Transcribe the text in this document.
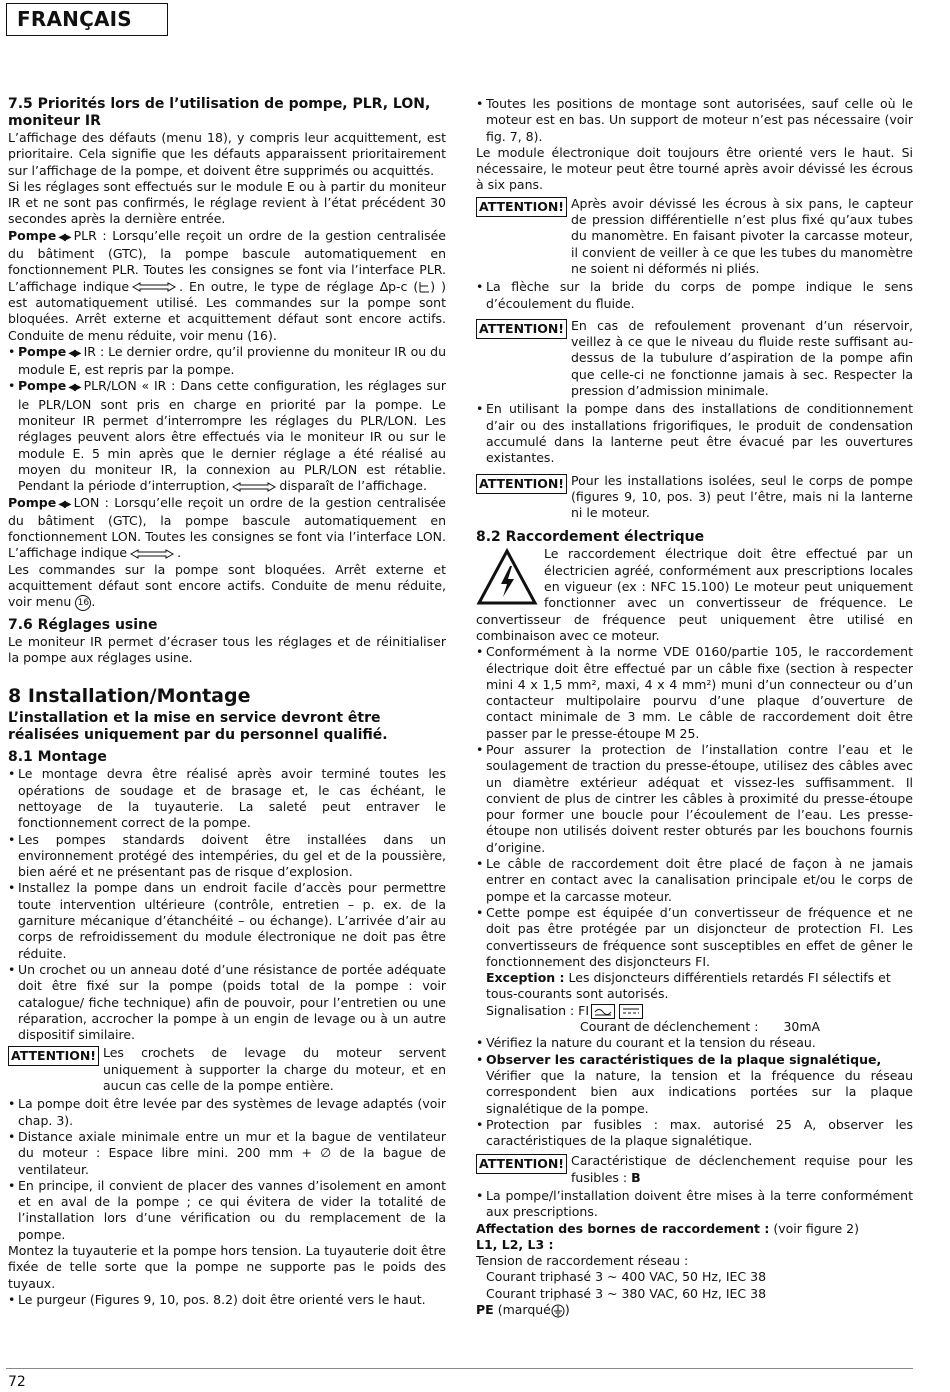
FRANÇAIS
7.5 Priorités lors de l’utilisation de pompe, PLR, LON, moniteur IR

L’affichage des défauts (menu 18), y compris leur acquittement, est prioritaire. Cela signifie que les défauts apparaissent prioritairement sur l’affichage de la pompe, et doivent être supprimés ou acquittés.

Si les réglages sont effectués sur le module E ou à partir du moniteur IR et ne sont pas confirmés, le réglage revient à l’état précédent 30 secondes après la dernière entrée.

Pompe ◀▶ PLR : Lorsqu’elle reçoit un ordre de la gestion centralisée du bâtiment (GTC), la pompe bascule automatiquement en fonctionnement PLR. Toutes les consignes se font via l’interface PLR. L’affichage indique	. En outre, le type de réglage ∆p-c ( ) ) est automatiquement utilisé. Les commandes sur la pompe sont bloquées. Arrêt externe et acquittement défaut sont encore actifs. Conduite de menu réduite, voir menu (16).

• Pompe ◀▶ IR : Le dernier ordre, qu’il provienne du moniteur IR ou du module E, est repris par la pompe.
• Pompe ◀▶ PLR/LON « IR : Dans cette configuration, les réglages sur le PLR/LON sont pris en charge en priorité par la pompe. Le moniteur IR permet d’interrompre les réglages du PLR/LON. Les réglages peuvent alors être effectués via le moniteur IR ou sur le module E. 5 min après que le dernier réglage a été réalisé au moyen du moniteur IR, la connexion au PLR/LON est rétablie. Pendant la période d’interruption,	disparaît de l’affichage.

Pompe ◀▶ LON : Lorsqu’elle reçoit un ordre de la gestion centralisée du bâtiment (GTC), la pompe bascule automatiquement en fonctionnement LON. Toutes les consignes se font via l’interface LON. L’affichage indique	.

Les commandes sur la pompe sont bloquées. Arrêt externe et acquittement défaut sont encore actifs. Conduite de menu réduite, voir menu 16 .

7.6 Réglages usine

Le moniteur IR permet d’écraser tous les réglages et de réinitialiser la pompe aux réglages usine.

8 Installation/Montage
L’installation et la mise en service devront être réalisées uniquement par du personnel qualifié.
8.1 Montage
• Le montage devra être réalisé après avoir terminé toutes les opérations de soudage et de brasage et, le cas échéant, le nettoyage de la tuyauterie. La saleté peut entraver le fonctionnement correct de la pompe.
• Les pompes standards doivent être installées dans un environnement protégé des intempéries, du gel et de la poussière, bien aéré et ne présentant pas de risque d’explosion.
• Installez la pompe dans un endroit facile d’accès pour permettre toute intervention ultérieure (contrôle, entretien – p. ex. de la garniture mécanique d’étanchéité – ou échange). L’arrivée d’air au corps de refroidissement du module électronique ne doit pas être réduite.
• Un crochet ou un anneau doté d’une résistance de portée adéquate doit être fixé sur la pompe (poids total de la pompe : voir catalogue/ fiche technique) afin de pouvoir, pour l’entretien ou une réparation, accrocher la pompe à un engin de levage ou à un autre dispositif similaire.
ATTENTION! Les crochets de levage du moteur servent uniquement à supporter la charge du moteur, et en aucun cas celle de la pompe entière.
• La pompe doit être levée par des systèmes de levage adaptés (voir chap. 3).
• Distance axiale minimale entre un mur et la bague de ventilateur du moteur : Espace libre mini. 200 mm + ∅ de la bague de ventilateur.
• En principe, il convient de placer des vannes d’isolement en amont et en aval de la pompe ; ce qui évitera de vider la totalité de l’installation lors d’une vérification ou du remplacement de la pompe.

Montez la tuyauterie et la pompe hors tension. La tuyauterie doit être fixée de telle sorte que la pompe ne supporte pas le poids des tuyaux.

• Le purgeur (Figures 9, 10, pos. 8.2) doit être orienté vers le haut.
• Toutes les positions de montage sont autorisées, sauf celle où le moteur est en bas. Un support de moteur n’est pas nécessaire (voir fig. 7, 8).

Le module électronique doit toujours être orienté vers le haut. Si nécessaire, le moteur peut être tourné après avoir dévissé les écrous à six pans.

ATTENTION! Après avoir dévissé les écrous à six pans, le capteur de pression différentielle n’est plus fixé qu’aux tubes du manomètre. En faisant pivoter la carcasse moteur, il convient de veiller à ce que les tubes du manomètre ne soient ni déformés ni pliés.
• La flèche sur la bride du corps de pompe indique le sens d’écoulement du fluide.
ATTENTION! En cas de refoulement provenant d’un réservoir, veillez à ce que le niveau du fluide reste suffisant au-dessus de la tubulure d’aspiration de la pompe afin que celle-ci ne fonctionne jamais à sec. Respecter la pression d’admission minimale.
• En utilisant la pompe dans des installations de conditionnement d’air ou des installations frigorifiques, le produit de condensation accumulé dans la lanterne peut être évacué par les ouvertures existantes.
ATTENTION! Pour les installations isolées, seul le corps de pompe (figures 9, 10, pos. 3) peut l’être, mais ni la lanterne ni le moteur.
8.2 Raccordement électrique

Le raccordement électrique doit être effectué par un électricien agréé, conformément aux prescriptions locales en vigueur (ex : NFC 15.100) Le moteur peut uniquement fonctionner avec un convertisseur de fréquence. Le convertisseur de fréquence peut uniquement être utilisé en combinaison avec ce moteur.

• Conformément à la norme VDE 0160/partie 105, le raccordement électrique doit être effectué par un câble fixe (section à respecter mini 4 x 1,5 mm², maxi, 4 x 4 mm²) muni d’un connecteur ou d’un contacteur multipolaire pourvu d’une plaque d’ouverture de contact minimale de 3 mm. Le câble de raccordement doit être passer par le presse-étoupe M 25.
• Pour assurer la protection de l’installation contre l’eau et le soulagement de traction du presse-étoupe, utilisez des câbles avec un diamètre extérieur adéquat et vissez-les suffisamment. Il convient de plus de cintrer les câbles à proximité du presse-étoupe pour former une boucle pour l’écoulement de l’eau. Les presse-étoupe non utilisés doivent rester obturés par les bouchons fournis d’origine.
• Le câble de raccordement doit être placé de façon à ne jamais entrer en contact avec la canalisation principale et/ou le corps de pompe et la carcasse moteur.
• Cette pompe est équipée d’un convertisseur de fréquence et ne doit pas être protégée par un disjoncteur de protection FI. Les convertisseurs de fréquence sont susceptibles en effet de gêner le fonctionnement des disjoncteurs FI.
Exception : Les disjoncteurs différentiels retardés FI sélectifs et tous-courants sont autorisés.
Signalisation : FI
Courant de déclenchement : 30mA
• Vérifiez la nature du courant et la tension du réseau.
• Observer les caractéristiques de la plaque signalétique,
Vérifier que la nature, la tension et la fréquence du réseau correspondent bien aux indications portées sur la plaque signalétique de la pompe.
• Protection par fusibles : max. autorisé 25 A, observer les caractéristiques de la plaque signalétique.
ATTENTION! Caractéristique de déclenchement requise pour les fusibles : B
• La pompe/l’installation doivent être mises à la terre conformément aux prescriptions.
Affectation des bornes de raccordement : (voir figure 2)
L1, L2, L3 :
Tension de raccordement réseau :
Courant triphasé 3 ~ 400 VAC, 50 Hz, IEC 38
Courant triphasé 3 ~ 380 VAC, 60 Hz, IEC 38
PE (marqué )
72
